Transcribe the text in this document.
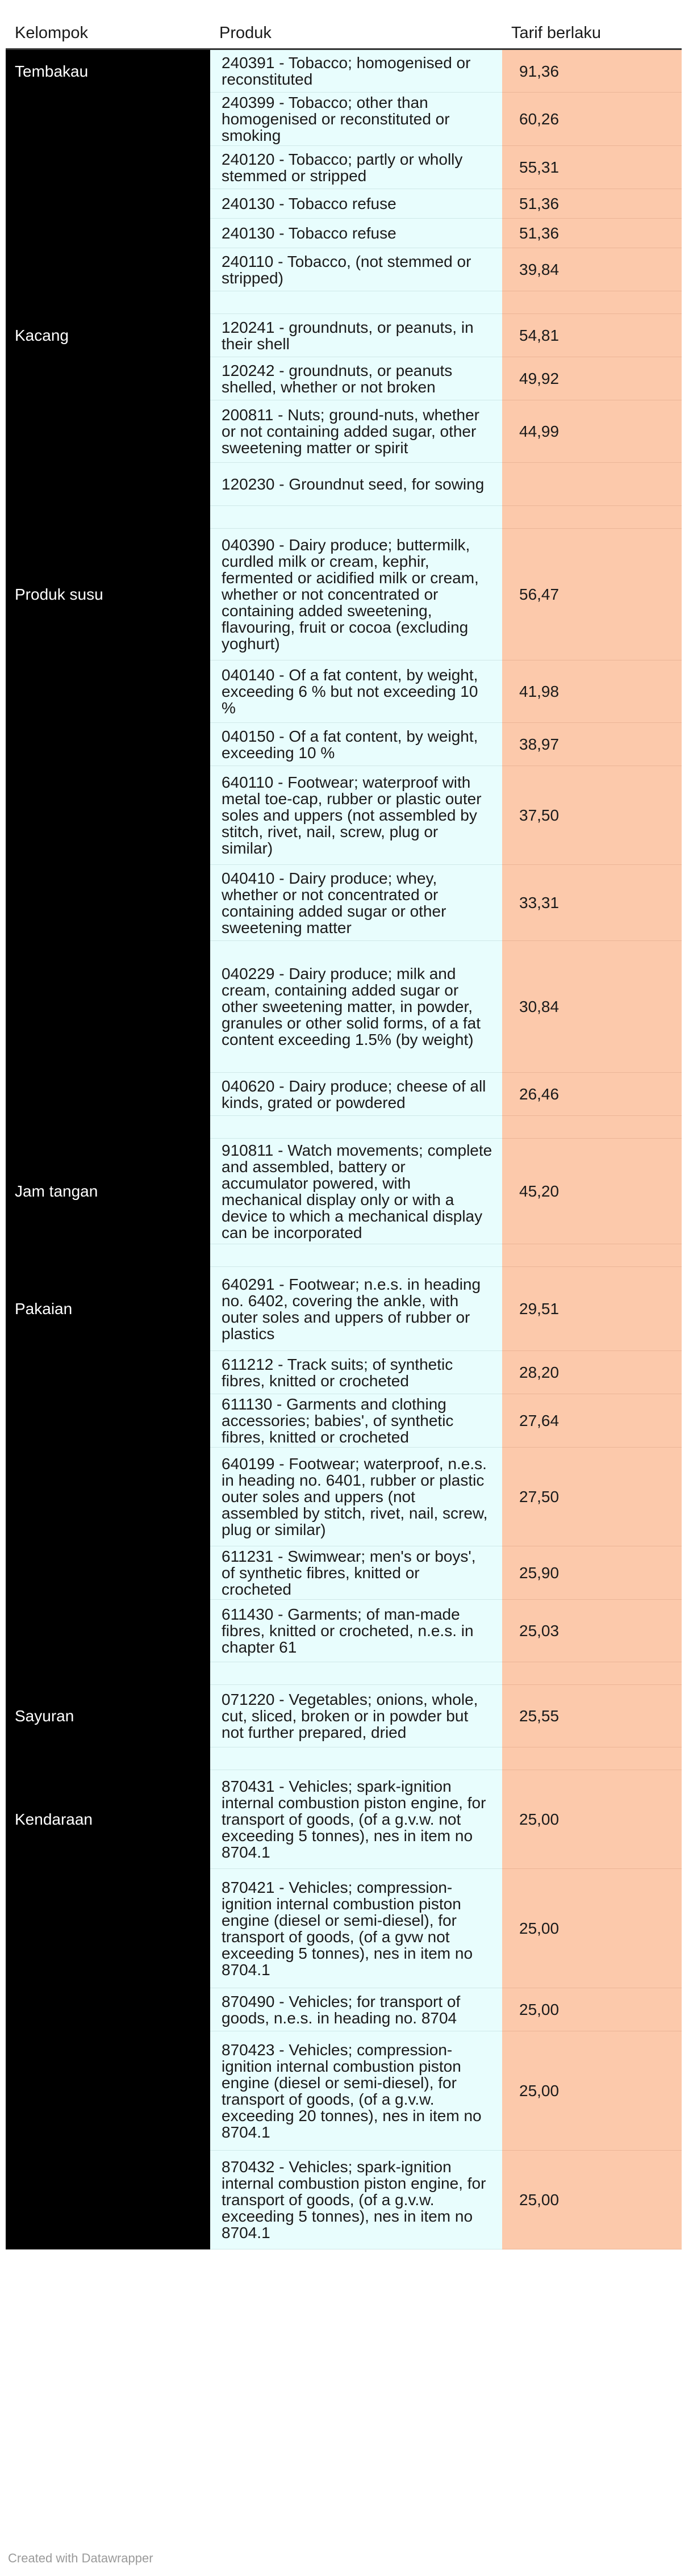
Kelompok	Produk	Tarif berlaku
Tembakau	240391 - Tobacco; homogenised or reconstituted	91,36
	240399 - Tobacco; other than homogenised or reconstituted or smoking	60,26
	240120 - Tobacco; partly or wholly stemmed or stripped	55,31
	240130 - Tobacco refuse	51,36
	240130 - Tobacco refuse	51,36
	240110 - Tobacco, (not stemmed or stripped)	39,84

Kacang	120241 - groundnuts, or peanuts, in their shell	54,81
	120242 - groundnuts, or peanuts shelled, whether or not broken	49,92
	200811 - Nuts; ground-nuts, whether or not containing added sugar, other sweetening matter or spirit	44,99
	120230 - Groundnut seed, for sowing	

Produk susu	040390 - Dairy produce; buttermilk, curdled milk or cream, kephir, fermented or acidified milk or cream, whether or not concentrated or containing added sweetening, flavouring, fruit or cocoa (excluding yoghurt)	56,47
	040140 - Of a fat content, by weight, exceeding 6 % but not exceeding 10 %	41,98
	040150 - Of a fat content, by weight, exceeding 10 %	38,97
	640110 - Footwear; waterproof with metal toe-cap, rubber or plastic outer soles and uppers (not assembled by stitch, rivet, nail, screw, plug or similar)	37,50
	040410 - Dairy produce; whey, whether or not concentrated or containing added sugar or other sweetening matter	33,31
	040229 - Dairy produce; milk and cream, containing added sugar or other sweetening matter, in powder, granules or other solid forms, of a fat content exceeding 1.5% (by weight)	30,84
	040620 - Dairy produce; cheese of all kinds, grated or powdered	26,46

Jam tangan	910811 - Watch movements; complete and assembled, battery or accumulator powered, with mechanical display only or with a device to which a mechanical display can be incorporated	45,20

Pakaian	640291 - Footwear; n.e.s. in heading no. 6402, covering the ankle, with outer soles and uppers of rubber or plastics	29,51
	611212 - Track suits; of synthetic fibres, knitted or crocheted	28,20
	611130 - Garments and clothing accessories; babies', of synthetic fibres, knitted or crocheted	27,64
	640199 - Footwear; waterproof, n.e.s. in heading no. 6401, rubber or plastic outer soles and uppers (not assembled by stitch, rivet, nail, screw, plug or similar)	27,50
	611231 - Swimwear; men's or boys', of synthetic fibres, knitted or crocheted	25,90
	611430 - Garments; of man-made fibres, knitted or crocheted, n.e.s. in chapter 61	25,03

Sayuran	071220 - Vegetables; onions, whole, cut, sliced, broken or in powder but not further prepared, dried	25,55

Kendaraan	870431 - Vehicles; spark-ignition internal combustion piston engine, for transport of goods, (of a g.v.w. not exceeding 5 tonnes), nes in item no 8704.1	25,00
	870421 - Vehicles; compression-ignition internal combustion piston engine (diesel or semi-diesel), for transport of goods, (of a gvw not exceeding 5 tonnes), nes in item no 8704.1	25,00
	870490 - Vehicles; for transport of goods, n.e.s. in heading no. 8704	25,00
	870423 - Vehicles; compression-ignition internal combustion piston engine (diesel or semi-diesel), for transport of goods, (of a g.v.w. exceeding 20 tonnes), nes in item no 8704.1	25,00
	870432 - Vehicles; spark-ignition internal combustion piston engine, for transport of goods, (of a g.v.w. exceeding 5 tonnes), nes in item no 8704.1	25,00
Created with Datawrapper
